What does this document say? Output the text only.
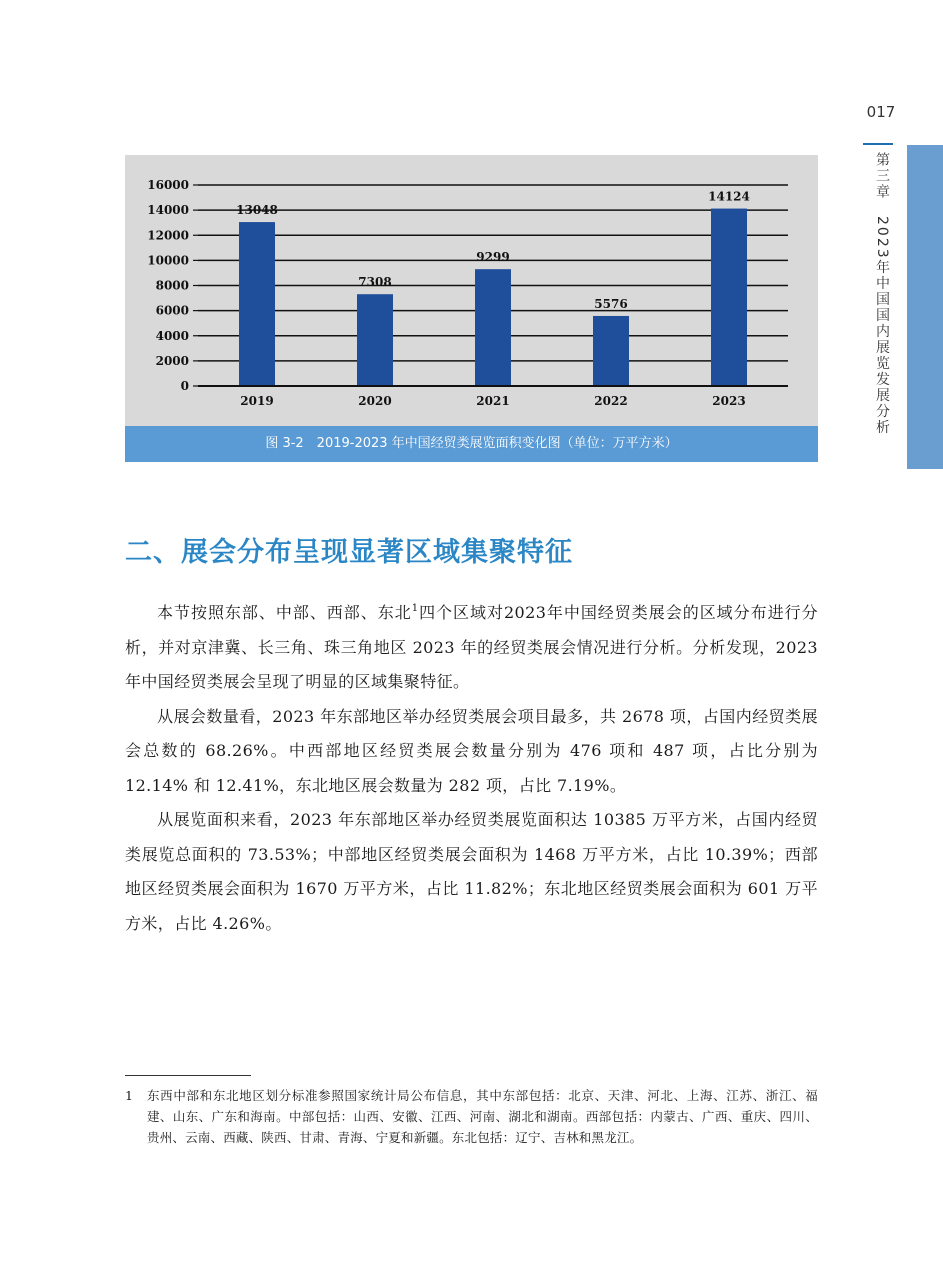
017
第三章2023年中国国内展览发展分析
0
2000
4000
6000
8000
10000
12000
14000
16000
13048
2019
7308
2020
9299
2021
5576
2022
14124
2023
图 3-2　2019-2023 年中国经贸类展览面积变化图（单位：万平方米）
二、展会分布呈现显著区域集聚特征

本节按照东部、中部、西部、东北$^1$四个区域对2023年中国经贸类展会的区域分布进行分析，并对京津冀、长三角、珠三角地区 2023 年的经贸类展会情况进行分析。分析发现，2023 年中国经贸类展会呈现了明显的区域集聚特征。

从展会数量看，2023 年东部地区举办经贸类展会项目最多，共 2678 项，占国内经贸类展会总数的 68.26%。中西部地区经贸类展会数量分别为 476 项和 487 项，占比分别为 12.14% 和 12.41%，东北地区展会数量为 282 项，占比 7.19%。

从展览面积来看，2023 年东部地区举办经贸类展览面积达 10385 万平方米，占国内经贸类展览总面积的 73.53%；中部地区经贸类展会面积为 1468 万平方米，占比 10.39%；西部地区经贸类展会面积为 1670 万平方米，占比 11.82%；东北地区经贸类展会面积为 601 万平方米，占比 4.26%。

1 东西中部和东北地区划分标准参照国家统计局公布信息，其中东部包括：北京、天津、河北、上海、江苏、浙江、福建、山东、广东和海南。中部包括：山西、安徽、江西、河南、湖北和湖南。西部包括：内蒙古、广西、重庆、四川、贵州、云南、西藏、陕西、甘肃、青海、宁夏和新疆。东北包括：辽宁、吉林和黑龙江。
